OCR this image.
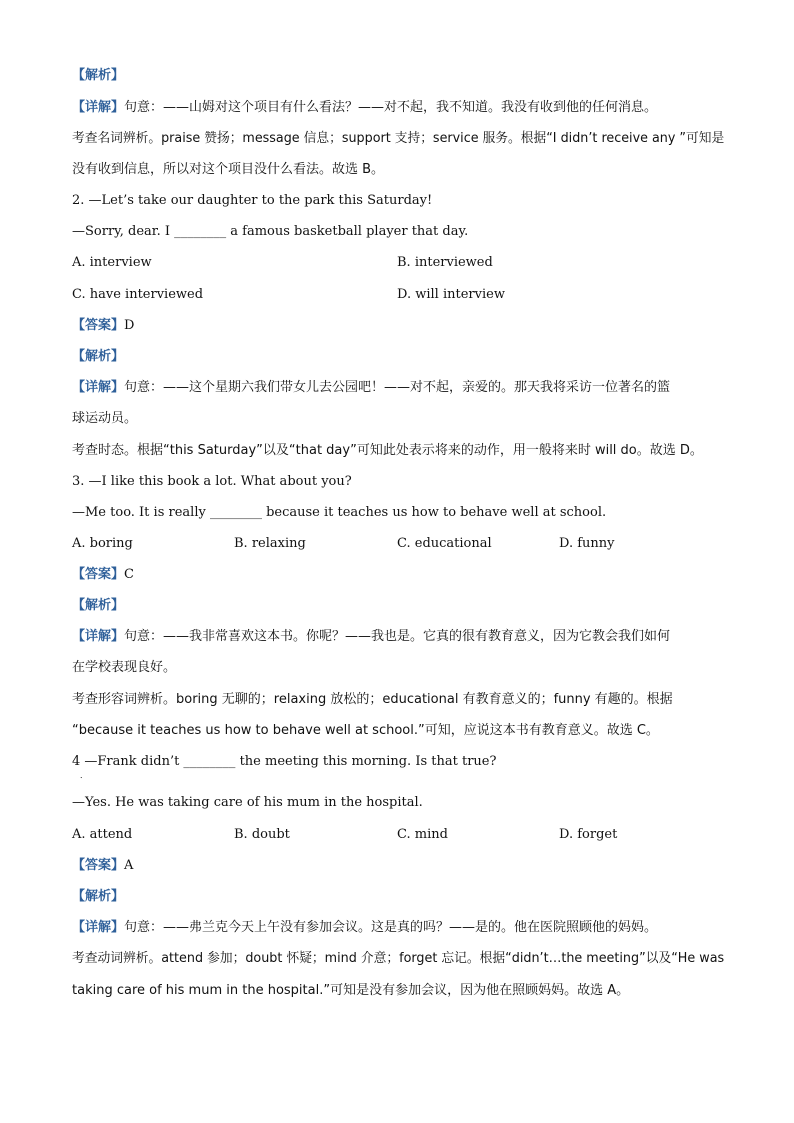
【解析】
【详解】句意：——山姆对这个项目有什么看法？——对不起，我不知道。我没有收到他的任何消息。
考查名词辨析。praise 赞扬；message 信息；support 支持；service 服务。根据“I didn’t receive any ”可知是
没有收到信息，所以对这个项目没什么看法。故选 B。
2. —Let’s take our daughter to the park this Saturday!
—Sorry, dear. I ________ a famous basketball player that day.
A. interview	B. interviewed
C. have interviewed	D. will interview
【答案】D
【解析】
【详解】句意：——这个星期六我们带女儿去公园吧！——对不起，亲爱的。那天我将采访一位著名的篮
球运动员。
考查时态。根据“this Saturday”以及“that day”可知此处表示将来的动作，用一般将来时 will do。故选 D。
3. —I like this book a lot. What about you?
—Me too. It is really ________ because it teaches us how to behave well at school.
A. boring	B. relaxing	C. educational	D. funny
【答案】C
【解析】
【详解】句意：——我非常喜欢这本书。你呢？——我也是。它真的很有教育意义，因为它教会我们如何
在学校表现良好。
考查形容词辨析。boring 无聊的；relaxing 放松的；educational 有教育意义的；funny 有趣的。根据
“because it teaches us how to behave well at school.”可知，应说这本书有教育意义。故选 C。
4 —Frank didn’t ________ the meeting this morning. Is that true?
．
—Yes. He was taking care of his mum in the hospital.
A. attend	B. doubt	C. mind	D. forget
【答案】A
【解析】
【详解】句意：——弗兰克今天上午没有参加会议。这是真的吗？——是的。他在医院照顾他的妈妈。
考查动词辨析。attend 参加；doubt 怀疑；mind 介意；forget 忘记。根据“didn’t…the meeting”以及“He was
taking care of his mum in the hospital.”可知是没有参加会议，因为他在照顾妈妈。故选 A。
